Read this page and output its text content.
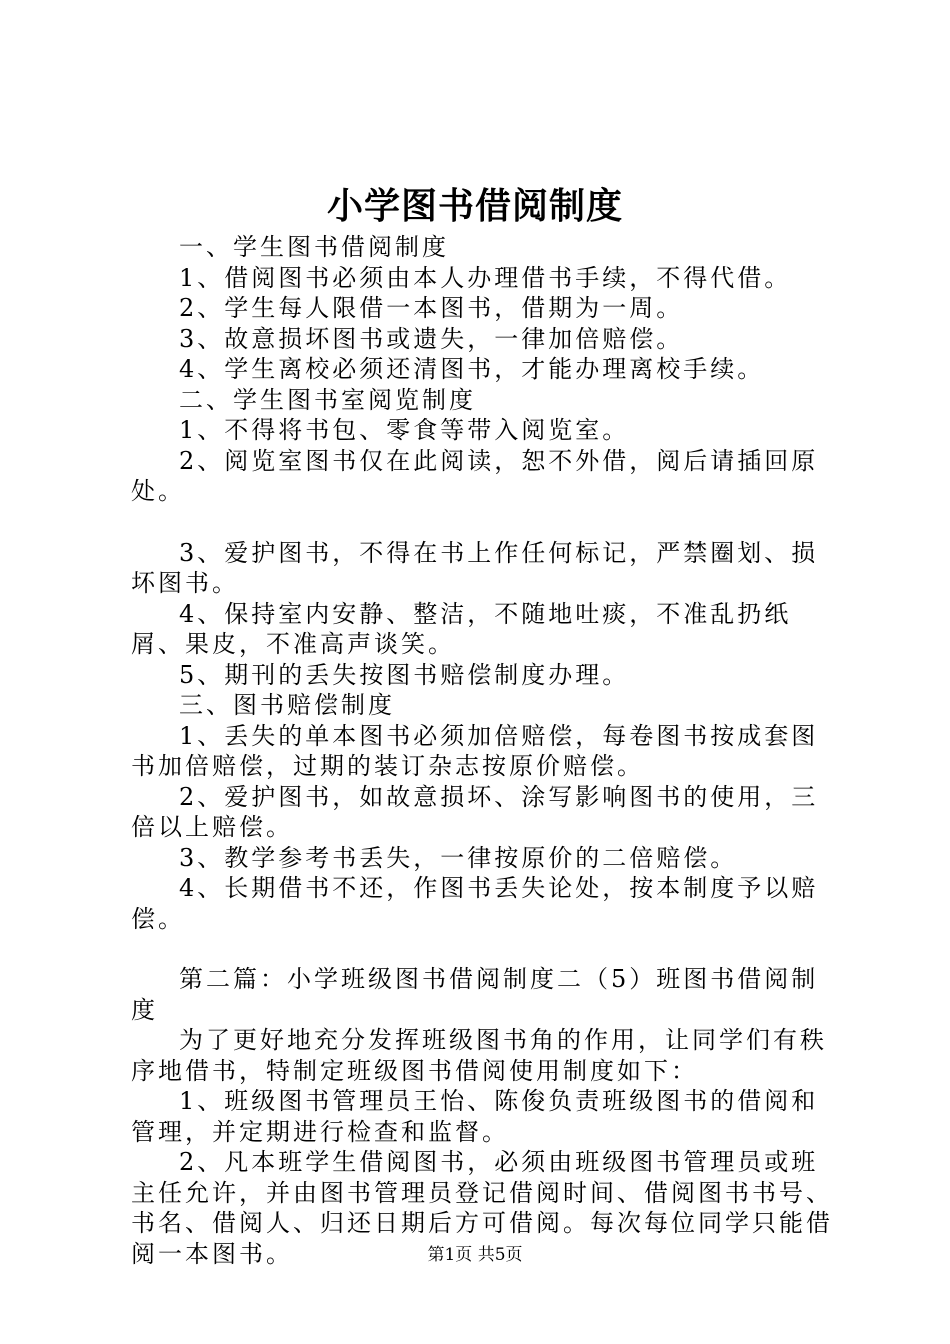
小学图书借阅制度

一、学生图书借阅制度

1、借阅图书必须由本人办理借书手续，不得代借。

2、学生每人限借一本图书，借期为一周。

3、故意损坏图书或遗失，一律加倍赔偿。

4、学生离校必须还清图书，才能办理离校手续。

二、学生图书室阅览制度

1、不得将书包、零食等带入阅览室。

2、阅览室图书仅在此阅读，恕不外借，阅后请插回原处。

3、爱护图书，不得在书上作任何标记，严禁圈划、损坏图书。

4、保持室内安静、整洁，不随地吐痰，不准乱扔纸屑、果皮，不准高声谈笑。

5、期刊的丢失按图书赔偿制度办理。

三、图书赔偿制度

1、丢失的单本图书必须加倍赔偿，每卷图书按成套图书加倍赔偿，过期的装订杂志按原价赔偿。

2、爱护图书，如故意损坏、涂写影响图书的使用，三倍以上赔偿。

3、教学参考书丢失，一律按原价的二倍赔偿。

4、长期借书不还，作图书丢失论处，按本制度予以赔偿。

第二篇：小学班级图书借阅制度二（5）班图书借阅制度

为了更好地充分发挥班级图书角的作用，让同学们有秩序地借书，特制定班级图书借阅使用制度如下：

1、班级图书管理员王怡、陈俊负责班级图书的借阅和管理，并定期进行检查和监督。

2、凡本班学生借阅图书，必须由班级图书管理员或班主任允许，并由图书管理员登记借阅时间、借阅图书书号、书名、借阅人、归还日期后方可借阅。每次每位同学只能借阅一本图书。	第1页 共5页
